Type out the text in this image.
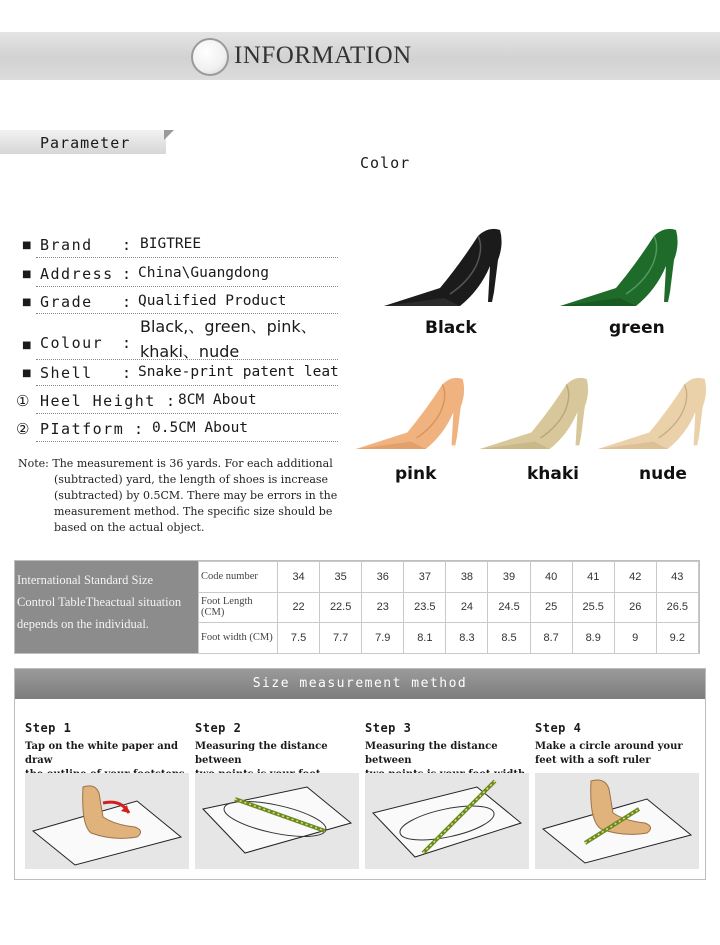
INFORMATION
Parameter
Color
■ Brand : BIGTREE
■ Address : China\Guangdong
■ Grade : Qualified Product
■ Colour :
Black,、green、pink、
khaki、nude
■ Shell : Snake-print patent leat
① Heel Height : 8CM About
② PIatform : 0.5CM About
Note: The measurement is 36 yards. For each additional
(subtracted) yard, the length of shoes is increase
(subtracted) by 0.5CM. There may be errors in the
measurement method. The specific size should be
based on the actual object.
Black	green
pink	khaki	nude
International Standard Size
Control TableTheactual situation
depends on the individual.
Code number	34	35	36	37	38	39	40	41	42	43
Foot Length (CM)	22	22.5	23	23.5	24	24.5	25	25.5	26	26.5
Foot width (CM)	7.5	7.7	7.9	8.1	8.3	8.5	8.7	8.9	9	9.2
Size measurement method
Step 1
Tap on the white paper and draw

Step 2
Measuring the distance between

Step 3
Measuring the distance between

Step 4
Make a circle around your
feet with a soft ruler
